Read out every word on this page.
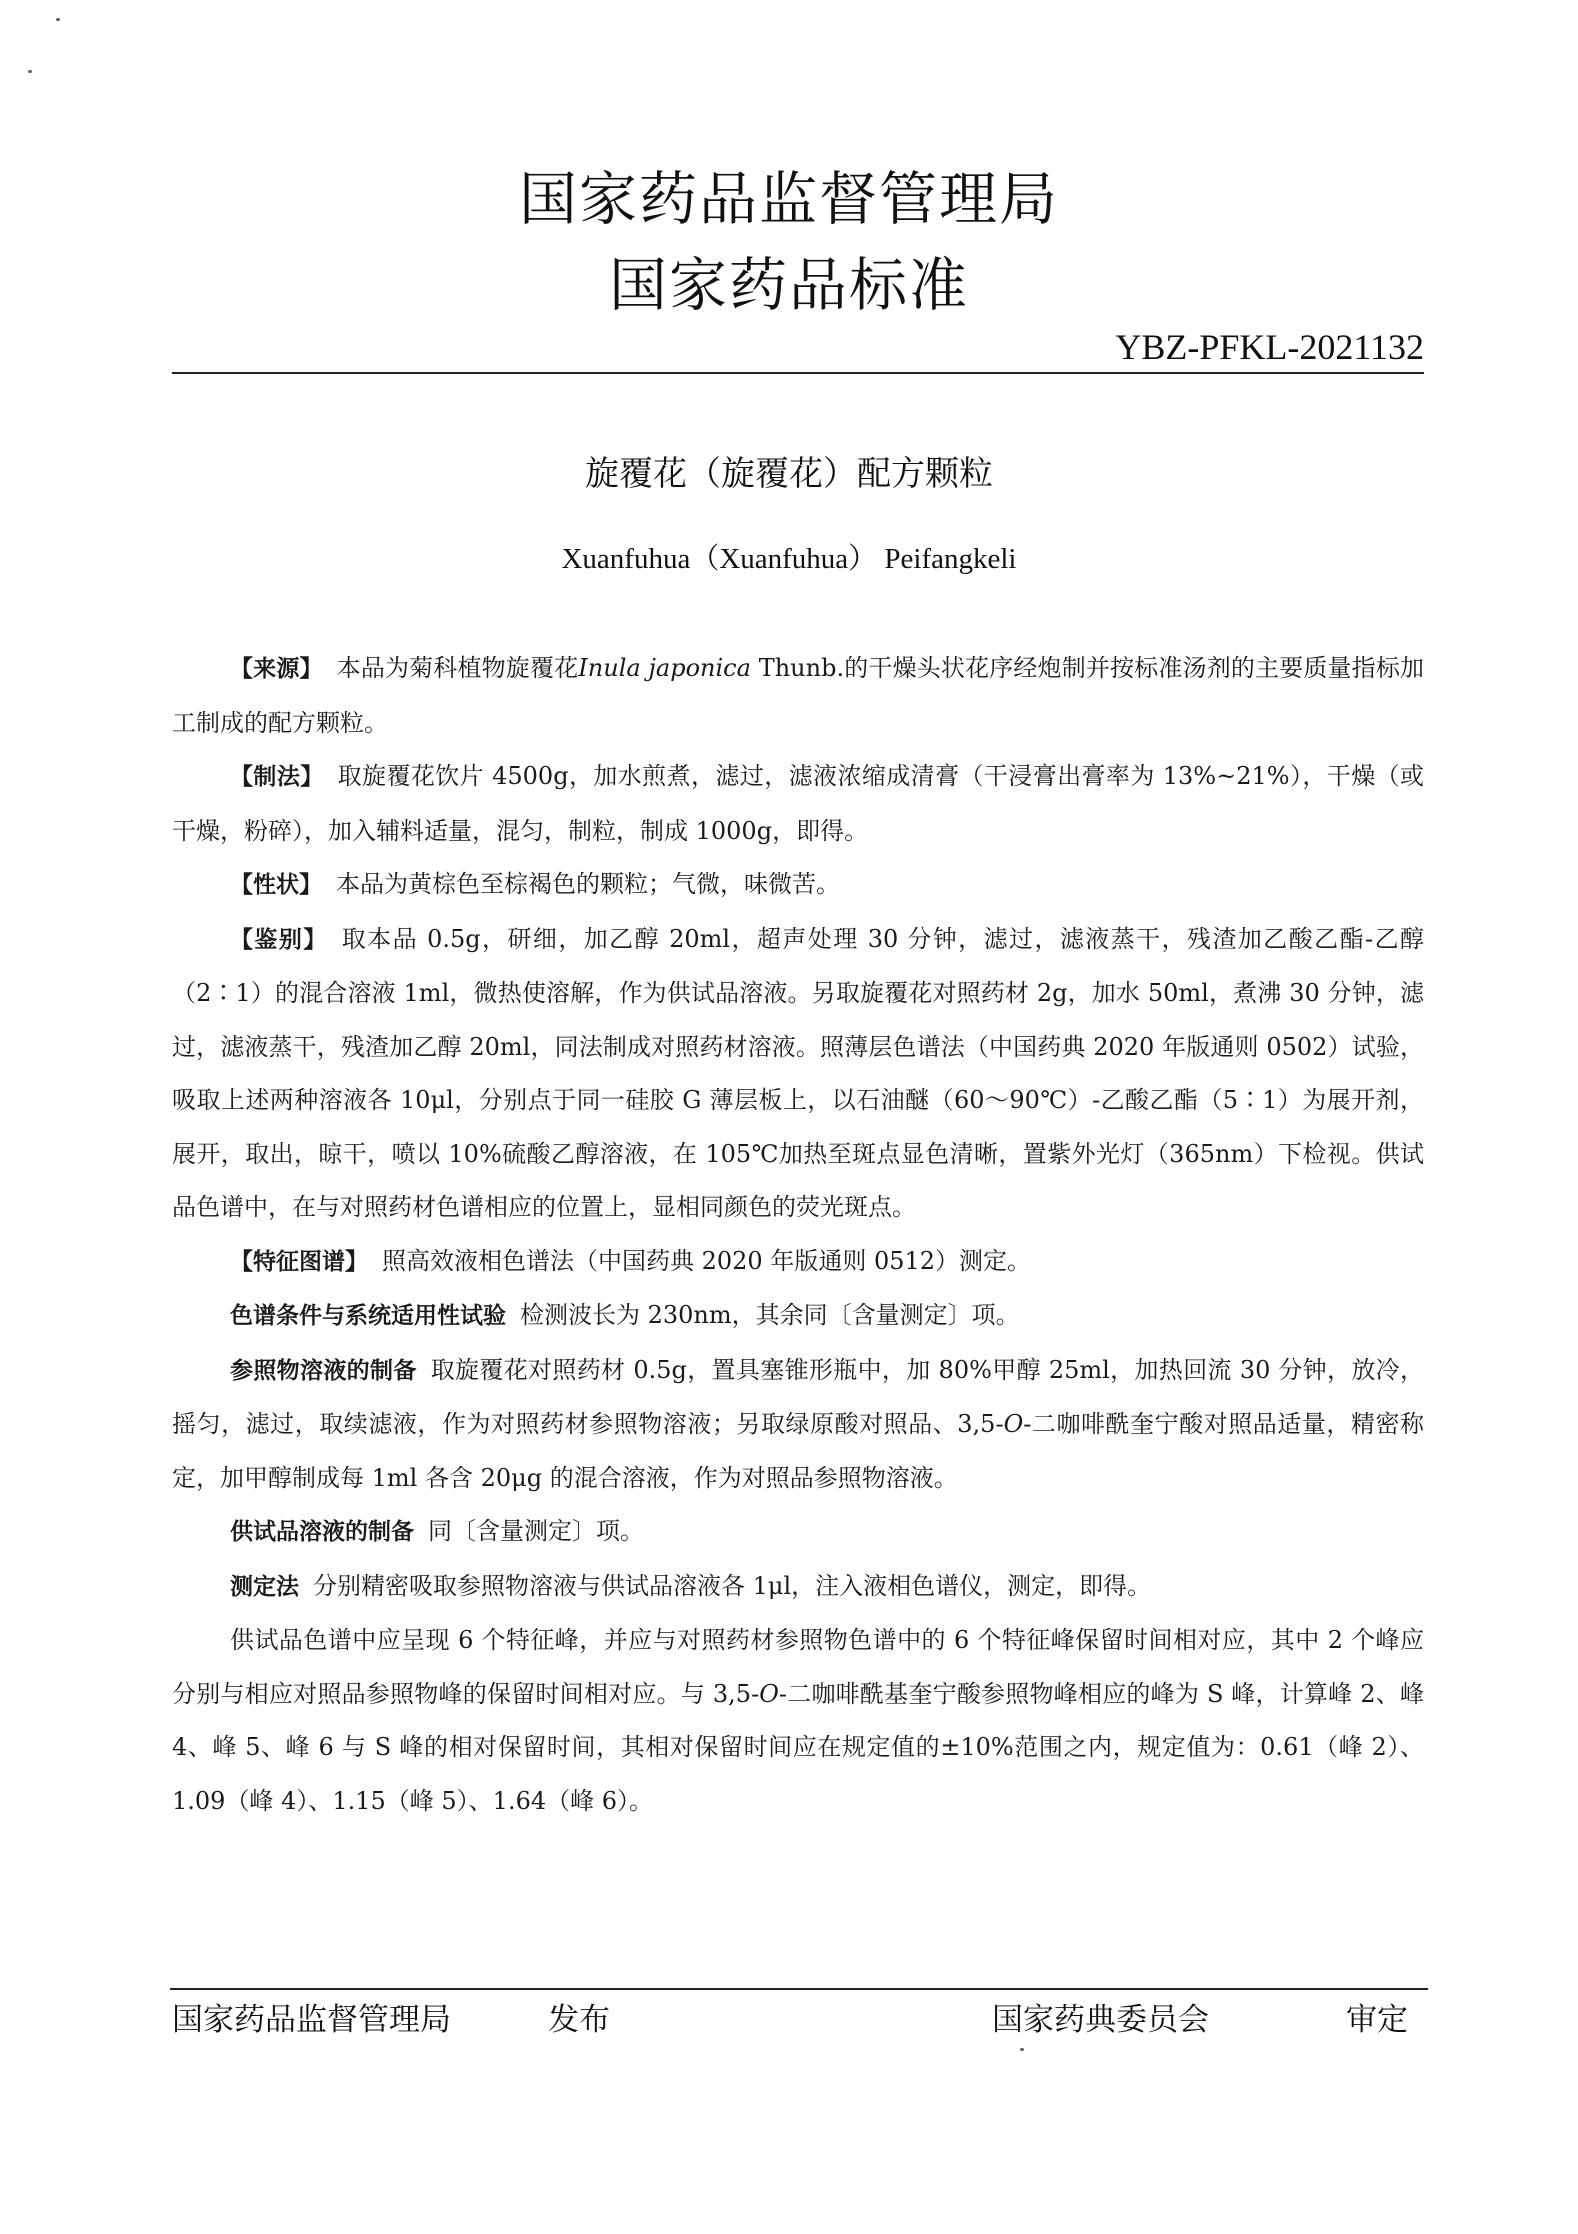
国家药品监督管理局
国家药品标准
YBZ-PFKL-2021132
旋覆花（旋覆花）配方颗粒
Xuanfuhua（Xuanfuhua） Peifangkeli

【来源】 本品为菊科植物旋覆花Inula japonica Thunb.的干燥头状花序经炮制并按标准汤剂的主要质量指标加工制成的配方颗粒。

【制法】 取旋覆花饮片 4500g，加水煎煮，滤过，滤液浓缩成清膏（干浸膏出膏率为 13%~21%），干燥（或干燥，粉碎），加入辅料适量，混匀，制粒，制成 1000g，即得。

【性状】 本品为黄棕色至棕褐色的颗粒；气微，味微苦。

【鉴别】 取本品 0.5g，研细，加乙醇 20ml，超声处理 30 分钟，滤过，滤液蒸干，残渣加乙酸乙酯-乙醇（2∶1）的混合溶液 1ml，微热使溶解，作为供试品溶液。另取旋覆花对照药材 2g，加水 50ml，煮沸 30 分钟，滤过，滤液蒸干，残渣加乙醇 20ml，同法制成对照药材溶液。照薄层色谱法（中国药典 2020 年版通则 0502）试验，吸取上述两种溶液各 10μl，分别点于同一硅胶 G 薄层板上，以石油醚（60～90℃）-乙酸乙酯（5∶1）为展开剂，展开，取出，晾干，喷以 10%硫酸乙醇溶液，在 105℃加热至斑点显色清晰，置紫外光灯（365nm）下检视。供试品色谱中，在与对照药材色谱相应的位置上，显相同颜色的荧光斑点。

【特征图谱】 照高效液相色谱法（中国药典 2020 年版通则 0512）测定。

色谱条件与系统适用性试验 检测波长为 230nm，其余同〔含量测定〕项。

参照物溶液的制备 取旋覆花对照药材 0.5g，置具塞锥形瓶中，加 80%甲醇 25ml，加热回流 30 分钟，放冷，摇匀，滤过，取续滤液，作为对照药材参照物溶液；另取绿原酸对照品、3,5-O-二咖啡酰奎宁酸对照品适量，精密称定，加甲醇制成每 1ml 各含 20μg 的混合溶液，作为对照品参照物溶液。

供试品溶液的制备 同〔含量测定〕项。

测定法 分别精密吸取参照物溶液与供试品溶液各 1μl，注入液相色谱仪，测定，即得。

供试品色谱中应呈现 6 个特征峰，并应与对照药材参照物色谱中的 6 个特征峰保留时间相对应，其中 2 个峰应分别与相应对照品参照物峰的保留时间相对应。与 3,5-O-二咖啡酰基奎宁酸参照物峰相应的峰为 S 峰，计算峰 2、峰 4、峰 5、峰 6 与 S 峰的相对保留时间，其相对保留时间应在规定值的±10%范围之内，规定值为：0.61（峰 2）、1.09（峰 4）、1.15（峰 5）、1.64（峰 6）。

国家药品监督管理局	发布	国家药典委员会	审定
